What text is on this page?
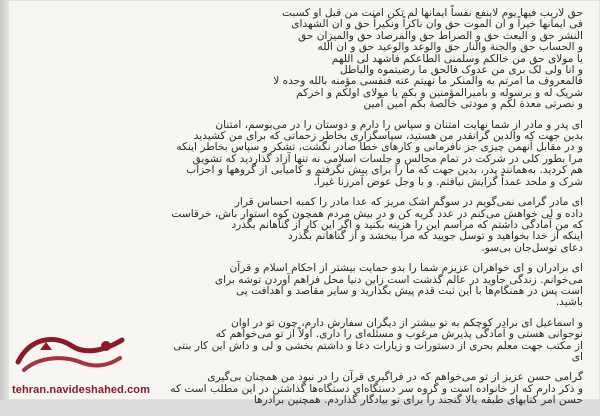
حق لاریب فیها یوم لاینفع نفساً ایمانها لم تکن امنت من قبل او کسبت
فی ایمانها خیراً و ان الموت حق وان ناکراً ونکیراً حق و ان الشهدای
النشر حق و البعث حق و الصراط حق والمرصاد حق والمیزان حق
و الحساب حق والجنة والنار حق والوعد والوعید حق و ان الله
یا مولای حق من خالکم وسلمنی الطاعکم فاشهد لی اللهم
و انا ولی لک بری من عدوک فالحق ما رضیتموه والباطل
فالمعروف ما امرتم به والمنکر ما نهیتم عنه فنفسی مؤمنه بالله وحده لا
شریک له و برسوله و بامیرالمؤمنین و بکم یا مولای اولکم و اخرکم
و نصرتی معدة لکم و مودتی خالصة بکم آمین آمین
ای پدر و مادر از شما نهایت امتنان و سپاس را دارم و دوستان را در می‌بوسم، امتنان
بدین جهت که والدین گرانقدر من هستید، سپاسگزاری بخاطر زحماتی که برای من کشیدید
و در مقابل آنهمن چیزی جز نافرمانی و کارهای خطا صادر نگشت، تشکر و سپاس بخاطر اینکه
مرا بطور کلی در شرکت در تمام مجالس و جلسات اسلامی نه تنها آزاد گذاردید که تشویق
هم کردید. به‌همانند پدر، بدین جهت که ما را برای پیش نگرفتم و کامیابی از گروهها و احزاب
شرک و ملحد عمداً گرایش نیافتم. و با وجل عوض آمرزنا غیراً.
ای مادر گرامی نمی‌گویم در سوگم اشک مریز که عدا مادر را کمبه احساس قرار
داده و لی خواهش می‌کنم در عدد گریه کن و در بیش مردم همچون کوه استوار باش، خرقاست
که من آمادگی داشتم که مراسم این را هزینه بکنید و اگر این کار از گناهانم بگذرد
اینکه از خدا بخواهید و توسل جویید که مرا ببخشد و از گناهانم بگذرد
دعای توسل‌جان بی‌سو.
ای برادران و ای خواهران عزیزم شما را بدو حمایت بیشتر از احکام اسلام و قرآن
می‌خوانم. زندگی جاوید در عالم گذشت است زاین دنیا محل فراهم آوردن توشه برای
است پس در همنگام‌ها با این ثبت قدم پیش بگذارید و سایر مقاصد و اهدافت پی
باشید.
و اسماعیل ای برادر کوچکم به تو بیشتر از دیگران سفارش دارم، چون تو در اوان
نوجوانی هستی و آمادگی پذیرش مرغوب و مسئله‌ای را داری. اولاً از تو می‌خواهم که
از مکتب جهت معلم بحری از دستورات و زیارات دعا و داشتم بخشی و لی و داش این کار بنتی
ای
گرامی حسن عزیز از تو می‌خواهم که در فراگیری قرآن را در نبود من همچنان بی‌گیری
و ذکر دارم که از خانواده است و گروه سر دستگاه‌ای دستگاه‌ها گذاشتن در این مطلب است که
حسن امر کتابهای طبقه بالا گنجند را برای تو بیادگار گذاردم. همچنین برادرها
tehran.navideshahed.com
